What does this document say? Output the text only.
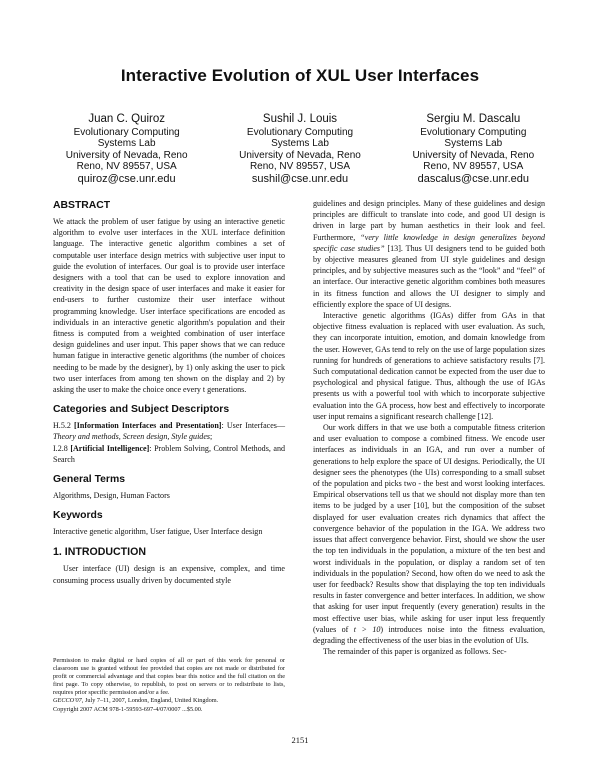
Interactive Evolution of XUL User Interfaces
Juan C. Quiroz
Evolutionary Computing
Systems Lab
University of Nevada, Reno
Reno, NV 89557, USA
quiroz@cse.unr.edu
Sushil J. Louis
Evolutionary Computing
Systems Lab
University of Nevada, Reno
Reno, NV 89557, USA
sushil@cse.unr.edu
Sergiu M. Dascalu
Evolutionary Computing
Systems Lab
University of Nevada, Reno
Reno, NV 89557, USA
dascalus@cse.unr.edu
ABSTRACT

We attack the problem of user fatigue by using an interactive genetic algorithm to evolve user interfaces in the XUL interface definition language. The interactive genetic algorithm combines a set of computable user interface design metrics with subjective user input to guide the evolution of interfaces. Our goal is to provide user interface designers with a tool that can be used to explore innovation and creativity in the design space of user interfaces and make it easier for end-users to further customize their user interface without programming knowledge. User interface specifications are encoded as individuals in an interactive genetic algorithm's population and their fitness is computed from a weighted combination of user interface design guidelines and user input. This paper shows that we can reduce human fatigue in interactive genetic algorithms (the number of choices needing to be made by the designer), by 1) only asking the user to pick two user interfaces from among ten shown on the display and 2) by asking the user to make the choice once every t generations.

Categories and Subject Descriptors

H.5.2 [Information Interfaces and Presentation]: User Interfaces—Theory and methods, Screen design, Style guides;
I.2.8 [Artificial Intelligence]: Problem Solving, Control Methods, and Search

General Terms

Algorithms, Design, Human Factors

Keywords

Interactive genetic algorithm, User fatigue, User Interface design

1. INTRODUCTION

User interface (UI) design is an expensive, complex, and time consuming process usually driven by documented style

Permission to make digital or hard copies of all or part of this work for personal or classroom use is granted without fee provided that copies are not made or distributed for profit or commercial advantage and that copies bear this notice and the full citation on the first page. To copy otherwise, to republish, to post on servers or to redistribute to lists, requires prior specific permission and/or a fee.

GECCO'07, July 7–11, 2007, London, England, United Kingdom.

Copyright 2007 ACM 978-1-59593-697-4/07/0007 ...$5.00.

guidelines and design principles. Many of these guidelines and design principles are difficult to translate into code, and good UI design is driven in large part by human aesthetics in their look and feel. Furthermore, “very little knowledge in design generalizes beyond specific case studies” [13]. Thus UI designers tend to be guided both by objective measures gleaned from UI style guidelines and design principles, and by subjective measures such as the “look” and “feel” of an interface. Our interactive genetic algorithm combines both measures in its fitness function and allows the UI designer to simply and efficiently explore the space of UI designs.

Interactive genetic algorithms (IGAs) differ from GAs in that objective fitness evaluation is replaced with user evaluation. As such, they can incorporate intuition, emotion, and domain knowledge from the user. However, GAs tend to rely on the use of large population sizes running for hundreds of generations to achieve satisfactory results [7]. Such computational dedication cannot be expected from the user due to psychological and physical fatigue. Thus, although the use of IGAs presents us with a powerful tool with which to incorporate subjective evaluation into the GA process, how best and effectively to incorporate user input remains a significant research challenge [12].

Our work differs in that we use both a computable fitness criterion and user evaluation to compose a combined fitness. We encode user interfaces as individuals in an IGA, and run over a number of generations to help explore the space of UI designs. Periodically, the UI designer sees the phenotypes (the UIs) corresponding to a small subset of the population and picks two - the best and worst looking interfaces. Empirical observations tell us that we should not display more than ten items to be judged by a user [10], but the composition of the subset displayed for user evaluation creates rich dynamics that affect the convergence behavior of the population in the IGA. We address two issues that affect convergence behavior. First, should we show the user the top ten individuals in the population, a mixture of the ten best and worst individuals in the population, or display a random set of ten individuals in the population? Second, how often do we need to ask the user for feedback? Results show that displaying the top ten individuals results in faster convergence and better interfaces. In addition, we show that asking for user input frequently (every generation) results in the most effective user bias, while asking for user input less frequently (values of t > 10) introduces noise into the fitness evaluation, degrading the effectiveness of the user bias in the evolution of UIs.

The remainder of this paper is organized as follows. Sec-

2151
